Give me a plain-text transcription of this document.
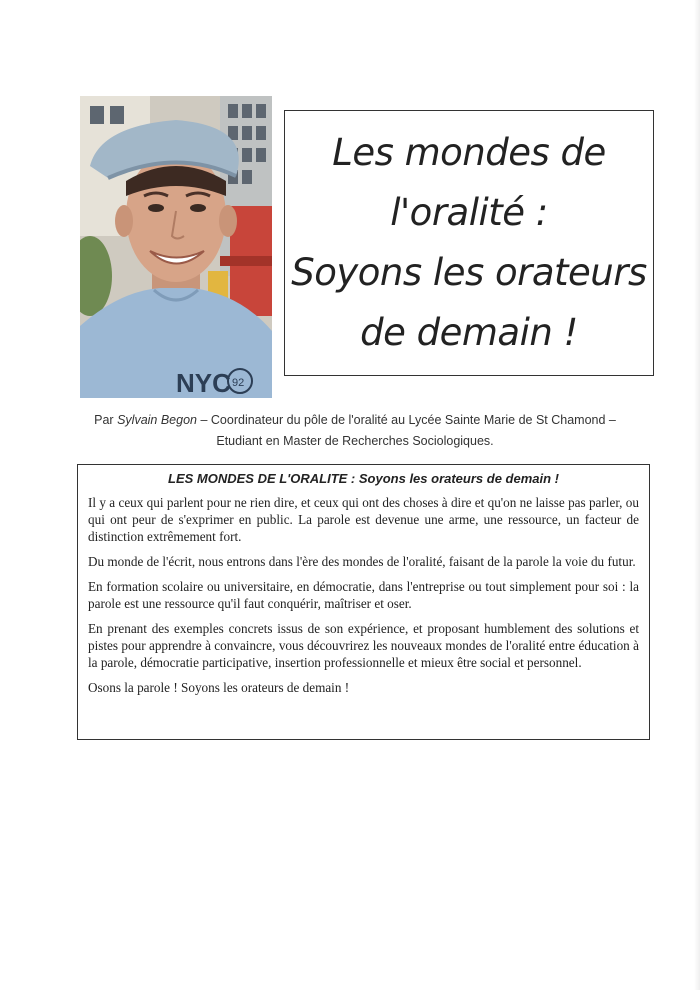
NYC 92
Les mondes de
l'oralité :
Soyons les orateurs
de demain !
Par Sylvain Begon – Coordinateur du pôle de l'oralité au Lycée Sainte Marie de St Chamond –
Etudiant en Master de Recherches Sociologiques.
LES MONDES DE L'ORALITE : Soyons les orateurs de demain !

Il y a ceux qui parlent pour ne rien dire, et ceux qui ont des choses à dire et qu'on ne laisse pas parler, ou qui ont peur de s'exprimer en public. La parole est devenue une arme, une ressource, un facteur de distinction extrêmement fort.

Du monde de l'écrit, nous entrons dans l'ère des mondes de l'oralité, faisant de la parole la voie du futur.

En formation scolaire ou universitaire, en démocratie, dans l'entreprise ou tout simplement pour soi : la parole est une ressource qu'il faut conquérir, maîtriser et oser.

En prenant des exemples concrets issus de son expérience, et proposant humblement des solutions et pistes pour apprendre à convaincre, vous découvrirez les nouveaux mondes de l'oralité entre éducation à la parole, démocratie participative, insertion professionnelle et mieux être social et personnel.

Osons la parole ! Soyons les orateurs de demain !
